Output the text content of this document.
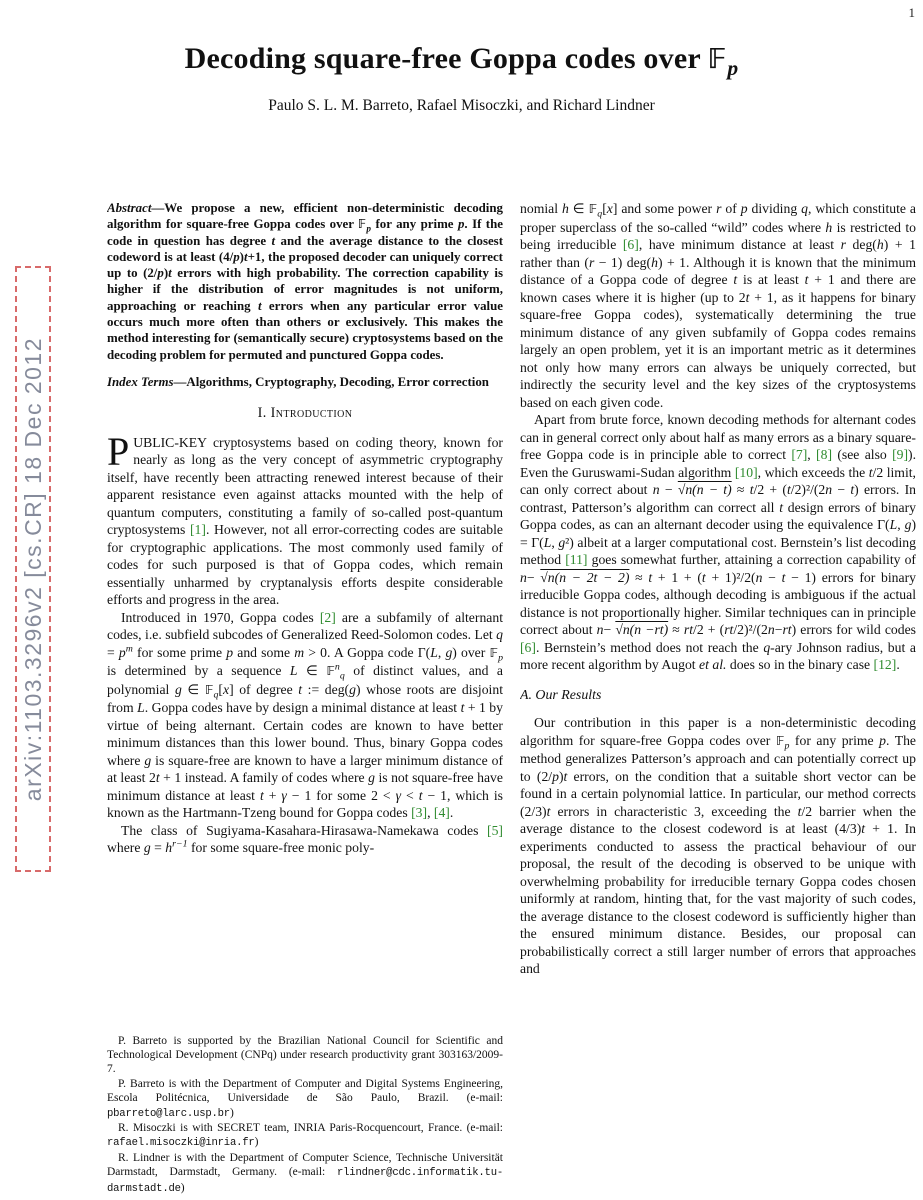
1
arXiv:1103.3296v2 [cs.CR] 18 Dec 2012
Decoding square-free Goppa codes over 𝔽$_p$
Paulo S. L. M. Barreto, Rafael Misoczki, and Richard Lindner

Abstract—We propose a new, efficient non-deterministic decoding algorithm for square-free Goppa codes over 𝔽$_p$ for any prime p. If the code in question has degree t and the average distance to the closest codeword is at least (4/p)t+1, the proposed decoder can uniquely correct up to (2/p)t errors with high probability. The correction capability is higher if the distribution of error magnitudes is not uniform, approaching or reaching t errors when any particular error value occurs much more often than others or exclusively. This makes the method interesting for (semantically secure) cryptosystems based on the decoding problem for permuted and punctured Goppa codes.

Index Terms—Algorithms, Cryptography, Decoding, Error correction

I. Introduction

PUBLIC-KEY cryptosystems based on coding theory, known for nearly as long as the very concept of asymmetric cryptography itself, have recently been attracting renewed interest because of their apparent resistance even against attacks mounted with the help of quantum computers, constituting a family of so-called post-quantum cryptosystems [1]. However, not all error-correcting codes are suitable for cryptographic applications. The most commonly used family of codes for such purposed is that of Goppa codes, which remain essentially unharmed by cryptanalysis efforts despite considerable efforts and progress in the area.

Introduced in 1970, Goppa codes [2] are a subfamily of alternant codes, i.e. subfield subcodes of Generalized Reed-Solomon codes. Let $q = p^m$ for some prime p and some m > 0. A Goppa code Γ(L, g) over 𝔽$_p$ is determined by a sequence L ∈ 𝔽$^n_q$ of distinct values, and a polynomial g ∈ 𝔽$_q$[x] of degree t := deg(g) whose roots are disjoint from L. Goppa codes have by design a minimal distance at least t + 1 by virtue of being alternant. Certain codes are known to have better minimum distances than this lower bound. Thus, binary Goppa codes where g is square-free are known to have a larger minimum distance of at least 2t + 1 instead. A family of codes where g is not square-free have minimum distance at least t + γ − 1 for some 2 < γ < t − 1, which is known as the Hartmann-Tzeng bound for Goppa codes [3], [4].

The class of Sugiyama-Kasahara-Hirasawa-Namekawa codes [5] where $g = h^{r-1}$ for some square-free monic poly-

P. Barreto is supported by the Brazilian National Council for Scientific and Technological Development (CNPq) under research productivity grant 303163/2009-7.

P. Barreto is with the Department of Computer and Digital Systems Engineering, Escola Politécnica, Universidade de São Paulo, Brazil. (e-mail: pbarreto@larc.usp.br)

R. Misoczki is with SECRET team, INRIA Paris-Rocquencourt, France. (e-mail: rafael.misoczki@inria.fr)

R. Lindner is with the Department of Computer Science, Technische Universität Darmstadt, Darmstadt, Germany. (e-mail: rlindner@cdc.informatik.tu-darmstadt.de)

nomial h ∈ 𝔽$_q$[x] and some power r of p dividing q, which constitute a proper superclass of the so-called “wild” codes where h is restricted to being irreducible [6], have minimum distance at least r deg(h) + 1 rather than (r − 1) deg(h) + 1. Although it is known that the minimum distance of a Goppa code of degree t is at least t + 1 and there are known cases where it is higher (up to 2t + 1, as it happens for binary square-free Goppa codes), systematically determining the true minimum distance of any given subfamily of Goppa codes remains largely an open problem, yet it is an important metric as it determines not only how many errors can always be uniquely corrected, but indirectly the security level and the key sizes of the cryptosystems based on each given code.

Apart from brute force, known decoding methods for alternant codes can in general correct only about half as many errors as a binary square-free Goppa code is in principle able to correct [7], [8] (see also [9]). Even the Guruswami-Sudan algorithm [10], which exceeds the t/2 limit, can only correct about n − √n(n − t) ≈ t/2 + (t/2)²/(2n − t) errors. In contrast, Patterson’s algorithm can correct all t design errors of binary Goppa codes, as can an alternant decoder using the equivalence Γ(L, g) = Γ(L, g²) albeit at a larger computational cost. Bernstein’s list decoding method [11] goes somewhat further, attaining a correction capability of n− √n(n − 2t − 2) ≈ t + 1 + (t + 1)²/2(n − t − 1) errors for binary irreducible Goppa codes, although decoding is ambiguous if the actual distance is not proportionally higher. Similar techniques can in principle correct about n− √n(n −rt) ≈ rt/2 + (rt/2)²/(2n−rt) errors for wild codes [6]. Bernstein’s method does not reach the q-ary Johnson radius, but a more recent algorithm by Augot et al. does so in the binary case [12].

A. Our Results

Our contribution in this paper is a non-deterministic decoding algorithm for square-free Goppa codes over 𝔽$_p$ for any prime p. The method generalizes Patterson’s approach and can potentially correct up to (2/p)t errors, on the condition that a suitable short vector can be found in a certain polynomial lattice. In particular, our method corrects (2/3)t errors in characteristic 3, exceeding the t/2 barrier when the average distance to the closest codeword is at least (4/3)t + 1. In experiments conducted to assess the practical behaviour of our proposal, the result of the decoding is observed to be unique with overwhelming probability for irreducible ternary Goppa codes chosen uniformly at random, hinting that, for the vast majority of such codes, the average distance to the closest codeword is sufficiently higher than the ensured minimum distance. Besides, our proposal can probabilistically correct a still larger number of errors that approaches and
